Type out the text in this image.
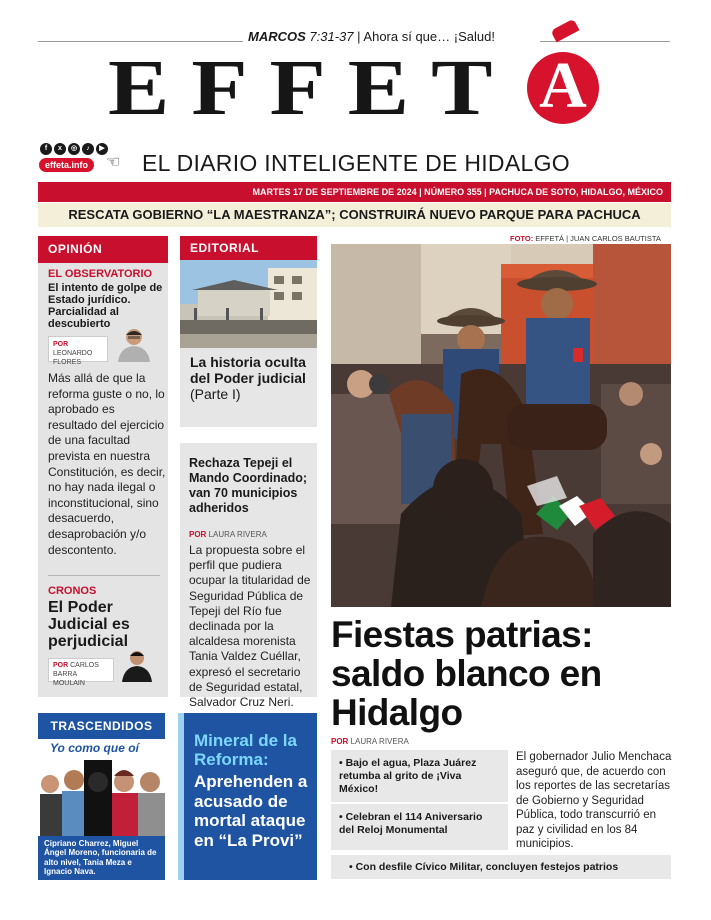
MARCOS 7:31-37 | Ahora sí que… ¡Salud!
EFFET A
f	x	◎	♪	▶
effeta.info	☜ EL DIARIO INTELIGENTE DE HIDALGO
MARTES 17 DE SEPTIEMBRE DE 2024 | NÚMERO 355 | PACHUCA DE SOTO, HIDALGO, MÉXICO
RESCATA GOBIERNO “LA MAESTRANZA”; CONSTRUIRÁ NUEVO PARQUE PARA PACHUCA
OPINIÓN
EL OBSERVATORIO
El intento de golpe de Estado jurídico. Parcialidad al descubierto
POR LEONARDO
FLORES
Más allá de que la reforma guste o no, lo aprobado es resultado del ejercicio de una facultad prevista en nuestra Constitución, es decir, no hay nada ilegal o inconstitucional, sino desacuerdo, desaprobación y/o descontento.
CRONOS
El Poder Judicial es perjudicial
POR CARLOS
BARRA MOULAIN
EDITORIAL
La historia oculta del Poder judicial (Parte I)
Rechaza Tepeji el Mando Coordinado; van 70 municipios adheridos
POR LAURA RIVERA
La propuesta sobre el perfil que pudiera ocupar la titularidad de Seguridad Pública de Tepeji del Río fue declinada por la alcaldesa morenista Tania Valdez Cuéllar, expresó el secretario de Seguridad estatal, Salvador Cruz Neri.
FOTO: EFFETÁ | JUAN CARLOS BAUTISTA
Fiestas patrias: saldo blanco en Hidalgo
POR LAURA RIVERA
• Bajo el agua, Plaza Juárez retumba al grito de ¡Viva México!
• Celebran el 114 Aniversario del Reloj Monumental
El gobernador Julio Menchaca aseguró que, de acuerdo con los reportes de las secretarías de Gobierno y Seguridad Pública, todo transcurrió en paz y civilidad en los 84 municipios.
• Con desfile Cívico Militar, concluyen festejos patrios
TRASCENDIDOS
Yo como que oí
Cipriano Charrez, Miguel Ángel Moreno, funcionaria de alto nivel, Tania Meza e Ignacio Nava.
Mineral de la Reforma:
Aprehenden a acusado de mortal ataque en “La Provi”
